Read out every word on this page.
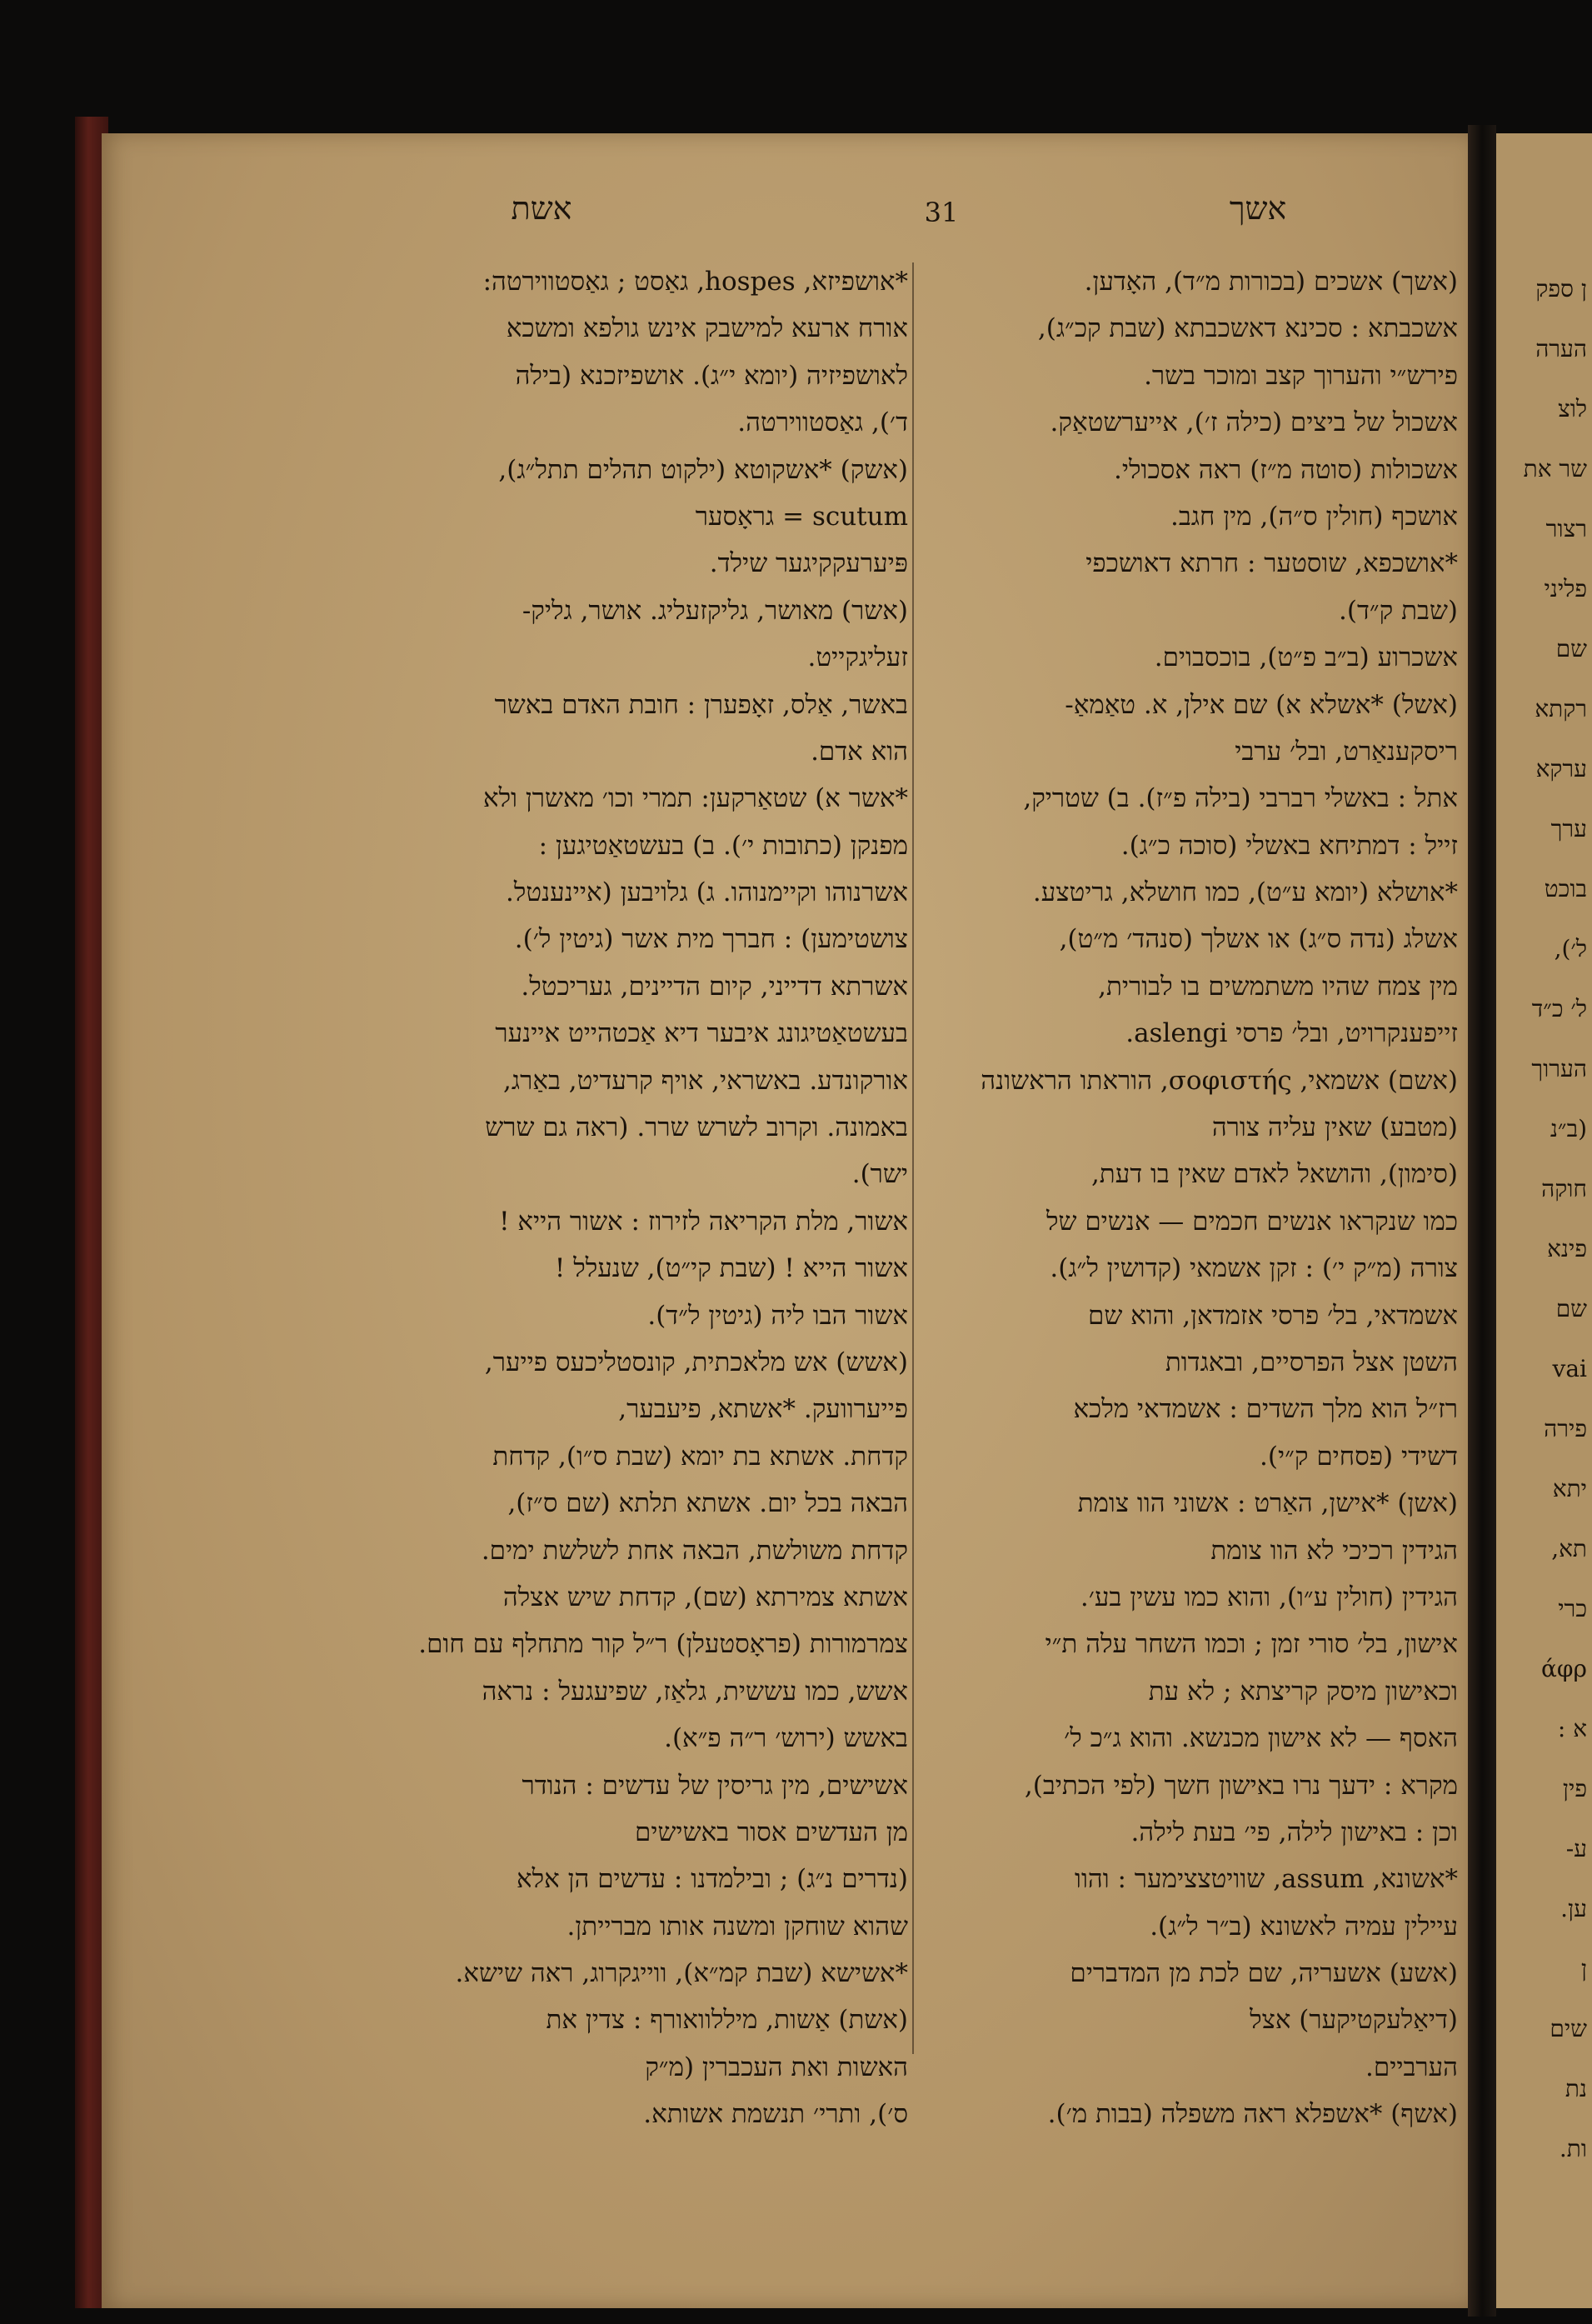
ן ספק
הערה
לוצ
שר את
רצור
פליני
שם
רקתא
ערקא
ערך
בוכט
ל׳),
ל׳ כ״ד
הערוך
(ב״נ
חוקה
פינא
שם
vai
פירה
יתא
תא,
כרי
άφρ
א :
פין
ע-
ען.
ן
שים
נת
ות.
אשך
31
אשת
(אשך) אשכים (בכורות מ״ד), האָדען.
אשכבתא : סכינא דאשכבתא (שבת קכ״ג),
פירש״י והערוך קצב ומוכר בשר.
אשכול של ביצים (כילה ז׳), אייערשטאַק.
אשכולות (סוטה מ״ז) ראה אסכולי.
אושכף (חולין ס״ה), מין חגב.
*אושכפא, שוסטער : חרתא דאושכפי
(שבת ק״ד).
אשכרוע (ב״ב פ״ט), בוכסבוים.
(אשל) *אשלא א) שם אילן, א. טאַמאַ-
ריסקענאַרט, ובל׳ ערבי
אתל : באשלי רברבי (בילה פ״ז). ב) שטריק,
זייל : דמתיחא באשלי (סוכה כ״ג).
*אושלא (יומא ע״ט), כמו חושלא, גריטצע.
אשלג (נדה ס״ג) או אשלך (סנהד׳ מ״ט),
מין צמח שהיו משתמשים בו לבורית,
זייפענקרויט, ובל׳ פרסי aslengi.
(אשם) אשמאי, σοφιστής, הוראתו הראשונה
(מטבע) שאין עליה צורה
(סימון), והושאל לאדם שאין בו דעת,
כמו שנקראו אנשים חכמים — אנשים של
צורה (מ״ק י׳) : זקן אשמאי (קדושין ל״ג).
אשמדאי, בל׳ פרסי אזמדאן, והוא שם
השטן אצל הפרסיים, ובאגדות
רז״ל הוא מלך השדים : אשמדאי מלכא
דשידי (פסחים ק״י).
(אשן) *אישן, האַרט : אשוני הוו צומת
הגידין רכיכי לא הוו צומת
הגידין (חולין ע״ו), והוא כמו עשין בע׳.
אישון, בל׳ סורי זמן ; וכמו השחר עלה ת״י
וכאישון מיסק קריצתא ; לא עת
האסף — לא אישון מכנשא. והוא ג״כ ל׳
מקרא : ידעך נרו באישון חשך (לפי הכתיב),
וכן : באישון לילה, פי׳ בעת לילה.
*אשונא, assum, שוויטצצימער : והוו
עיילין עמיה לאשונא (ב״ר ל״ג).
(אשע) אשעריה, שם לכת מן המדברים
(דיאַלעקטיקער) אצל
הערביים.
(אשף) *אשפלא ראה משפלה (בבות מ׳).
*אושפיזא, hospes, גאַסט ; גאַסטווירטה:
אורח ארעא למישבק אינש גולפא ומשכא
לאושפיזיה (יומא י״ג). אושפיזכנא (בילה
ד׳), גאַסטווירטה.
(אשק) *אשקוטא (ילקוט תהלים תתל״ג),
scutum = גראָסער
פּיערעקקיגער שילד.
(אשר) מאושר, גליקזעליג. אושר, גליק-
זעליגקייט.
באשר, אַלס, זאָפערן : חובת האדם באשר
הוא אדם.
*אשר א) שטאַרקען: תמרי וכו׳ מאשרן ולא
מפנקן (כתובות י׳). ב) בעשטאַטיגען :
אשרנוהו וקיימנוהו. ג) גלויבען (איינענטל.
צושטימען) : חברך מית אשר (גיטין ל׳).
אשרתא דדייני, קיום הדיינים, געריכטל.
בעשטאַטיגונג איבער דיא אַכטהייט איינער
אורקונדע. באשראי, אויף קרעדיט, באַרג,
באמונה. וקרוב לשרש שרר. (ראה גם שרש
ישר).
אשור, מלת הקריאה לזירוז : אשור הייא !
אשור הייא ! (שבת קי״ט), שנעלל !
אשור הבו ליה (גיטין ל״ד).
(אשש) אש מלאכתית, קונסטליכעס פייער,
פייערוועק. *אשתא, פיעבער,
קדחת. אשתא בת יומא (שבת ס״ו), קדחת
הבאה בכל יום. אשתא תלתא (שם ס״ז),
קדחת משולשת, הבאה אחת לשלשת ימים.
אשתא צמירתא (שם), קדחת שיש אצלה
צמרמורות (פראָסטעלן) ר״ל קור מתחלף עם חום.
אשש, כמו עששית, גלאַז, שפיעגעל : נראה
באשש (ירוש׳ ר״ה פ״א).
אשישים, מין גריסין של עדשים : הנודר
מן העדשים אסור באשישים
(נדרים נ״ג) ; ובילמדנו : עדשים הן אלא
שהוא שוחקן ומשנה אותו מברייתן.
*אשישא (שבת קמ״א), ווייגקרוג, ראה שישא.
(אשת) אַשות, מיללוואורף : צדין את
האשות ואת העכברין (מ״ק
ס׳), ותרי׳ תנשמת אשותא.
